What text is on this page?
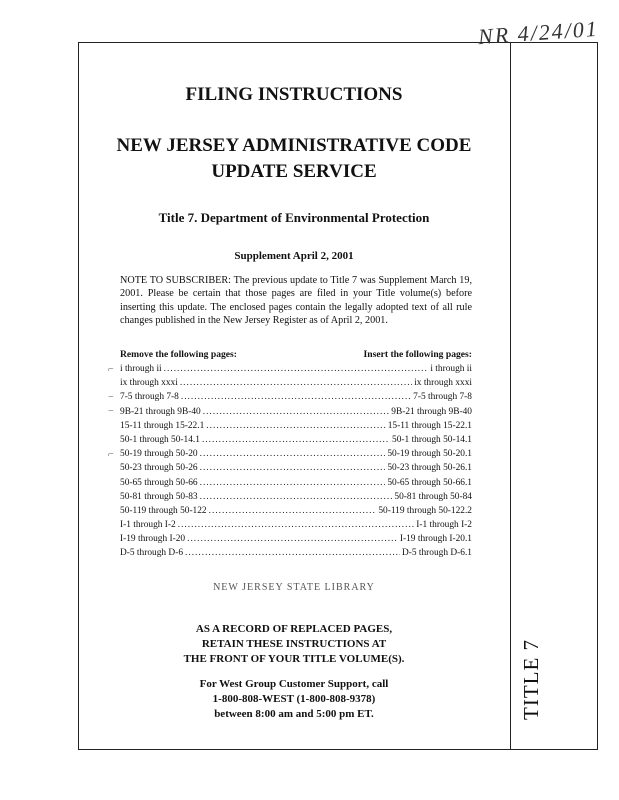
NR 4/24/01
FILING INSTRUCTIONS
NEW JERSEY ADMINISTRATIVE CODE
UPDATE SERVICE
Title 7. Department of Environmental Protection
Supplement April 2, 2001
NOTE TO SUBSCRIBER: The previous update to Title 7 was Supplement March 19, 2001. Please be certain that those pages are filed in your Title volume(s) before inserting this update. The enclosed pages contain the legally adopted text of all rule changes published in the New Jersey Register as of April 2, 2001.
Remove the following pages:	Insert the following pages:
i through ii .....	i through ii
ix through xxxi .....	ix through xxxi
7-5 through 7-8 .....	7-5 through 7-8
9B-21 through 9B-40 .....	9B-21 through 9B-40
15-11 through 15-22.1 .....	15-11 through 15-22.1
50-1 through 50-14.1 .....	50-1 through 50-14.1
50-19 through 50-20 .....	50-19 through 50-20.1
50-23 through 50-26 .....	50-23 through 50-26.1
50-65 through 50-66 .....	50-65 through 50-66.1
50-81 through 50-83 .....	50-81 through 50-84
50-119 through 50-122 .....	50-119 through 50-122.2
I-1 through I-2 .....	I-1 through I-2
I-19 through I-20 .....	I-19 through I-20.1
D-5 through D-6 .....	D-5 through D-6.1
⌐
−
−
⌐
NEW JERSEY STATE LIBRARY
AS A RECORD OF REPLACED PAGES,
RETAIN THESE INSTRUCTIONS AT
THE FRONT OF YOUR TITLE VOLUME(S).
For West Group Customer Support, call
1-800-808-WEST (1-800-808-9378)
between 8:00 am and 5:00 pm ET.	TITLE 7
